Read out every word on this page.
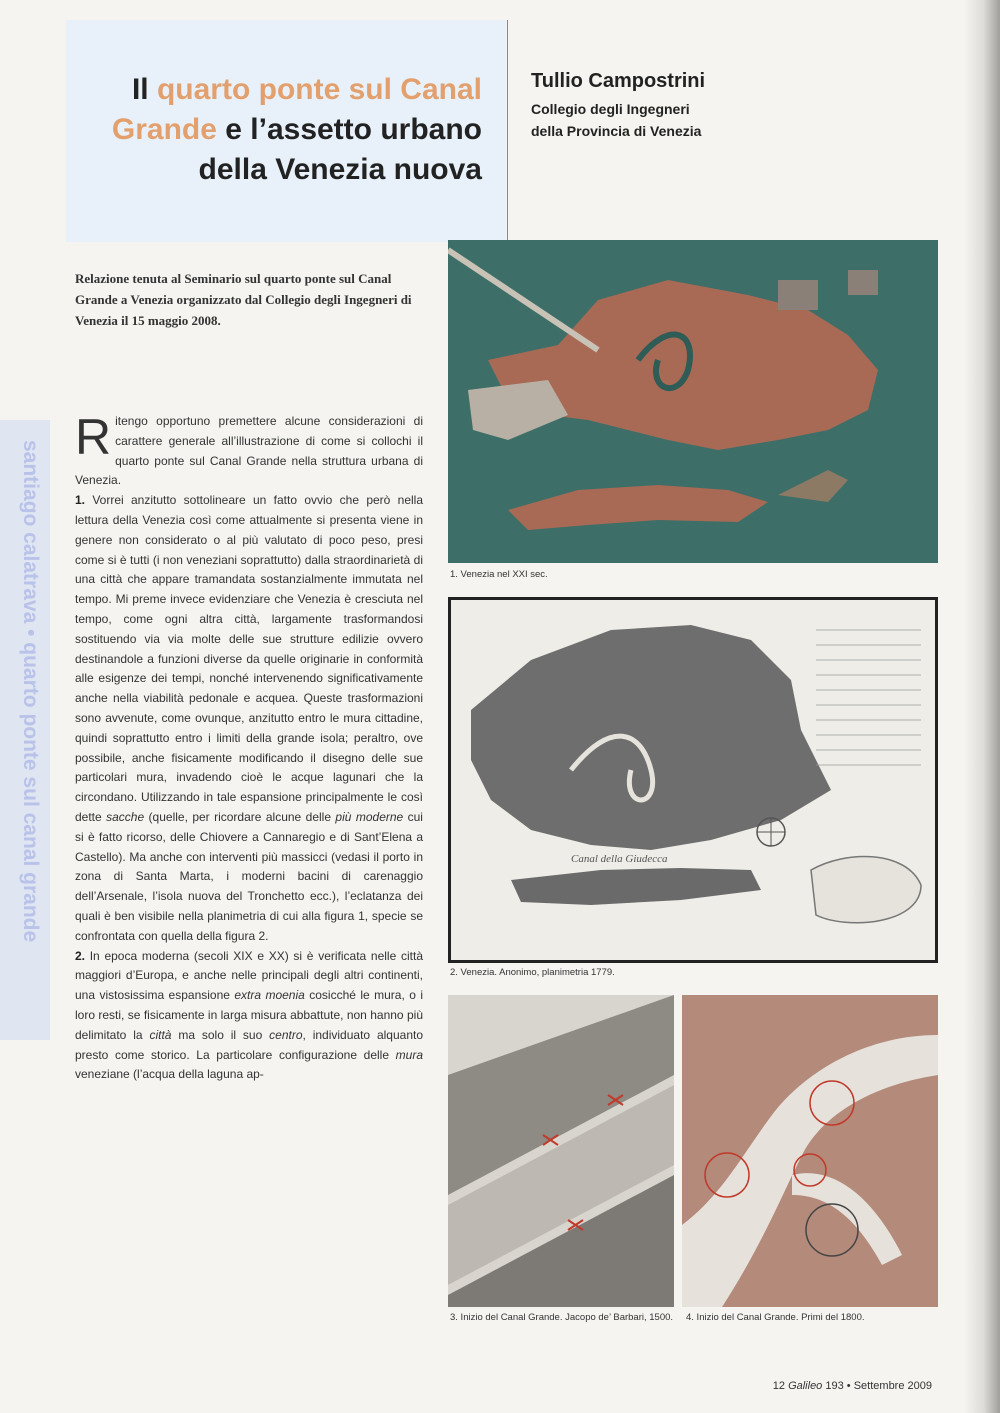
Il quarto ponte sul Canal Grande e l’assetto urbano della Venezia nuova
Tullio Campostrini
Collegio degli Ingegneri
della Provincia di Venezia
santiago calatrava • quarto ponte sul canal grande
Relazione tenuta al Seminario sul quarto ponte sul Canal Grande a Venezia organizzato dal Collegio degli Ingegneri di Venezia il 15 maggio 2008.

Ritengo opportuno premettere alcune considerazioni di carattere generale all’illustrazione di come si collochi il quarto ponte sul Canal Grande nella struttura urbana di Venezia.

1. Vorrei anzitutto sottolineare un fatto ovvio che però nella lettura della Venezia così come attualmente si presenta viene in genere non considerato o al più valutato di poco peso, presi come si è tutti (i non veneziani soprattutto) dalla straordinarietà di una città che appare tramandata sostanzialmente immutata nel tempo. Mi preme invece evidenziare che Venezia è cresciuta nel tempo, come ogni altra città, largamente trasformandosi sostituendo via via molte delle sue strutture edilizie ovvero destinandole a funzioni diverse da quelle originarie in conformità alle esigenze dei tempi, nonché intervenendo significativamente anche nella viabilità pedonale e acquea. Queste trasformazioni sono avvenute, come ovunque, anzitutto entro le mura cittadine, quindi soprattutto entro i limiti della grande isola; peraltro, ove possibile, anche fisicamente modificando il disegno delle sue particolari mura, invadendo cioè le acque lagunari che la circondano. Utilizzando in tale espansione principalmente le così dette sacche (quelle, per ricordare alcune delle più moderne cui si è fatto ricorso, delle Chiovere a Cannaregio e di Sant’Elena a Castello). Ma anche con interventi più massicci (vedasi il porto in zona di Santa Marta, i moderni bacini di carenaggio dell’Arsenale, l’isola nuova del Tronchetto ecc.), l’eclatanza dei quali è ben visibile nella planimetria di cui alla figura 1, specie se confrontata con quella della figura 2.

2. In epoca moderna (secoli XIX e XX) si è verificata nelle città maggiori d’Europa, e anche nelle principali degli altri continenti, una vistosissima espansione extra moenia cosicché le mura, o i loro resti, se fisicamente in larga misura abbattute, non hanno più delimitato la città ma solo il suo centro, individuato alquanto presto come storico. La particolare configurazione delle mura veneziane (l’acqua della laguna ap-

1. Venezia nel XXI sec.
Canal della Giudecca
2. Venezia. Anonimo, planimetria 1779.
3. Inizio del Canal Grande. Jacopo de’ Barbari, 1500.	4. Inizio del Canal Grande. Primi del 1800.
12 Galileo 193 • Settembre 2009
